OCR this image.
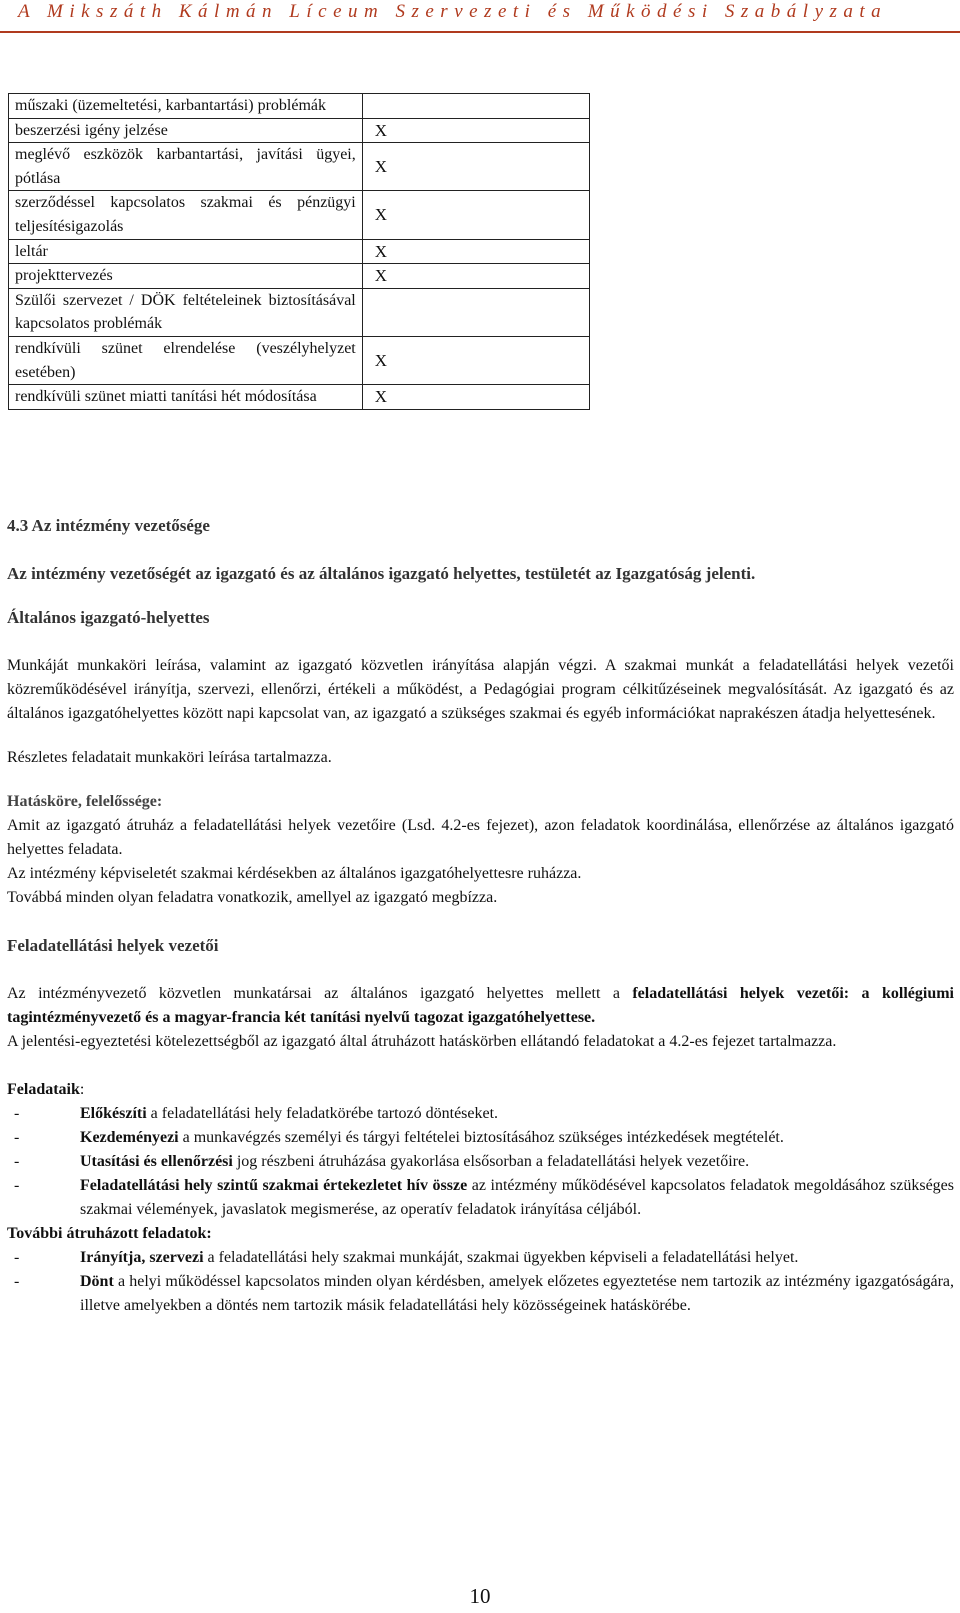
A Mikszáth Kálmán Líceum Szervezeti és Működési Szabályzata
műszaki (üzemeltetési, karbantartási) problémák	
beszerzési igény jelzése	X
meglévő eszközök karbantartási, javítási ügyei, pótlása	X
szerződéssel kapcsolatos szakmai és pénzügyi teljesítésigazolás	X
leltár	X
projekttervezés	X
Szülői szervezet / DÖK feltételeinek biztosításával kapcsolatos problémák	
rendkívüli szünet elrendelése (veszélyhelyzet esetében)	X
rendkívüli szünet miatti tanítási hét módosítása	X

4.3 Az intézmény vezetősége

Az intézmény vezetőségét az igazgató és az általános igazgató helyettes, testületét az Igazgatóság jelenti.

Általános igazgató-helyettes

Munkáját munkaköri leírása, valamint az igazgató közvetlen irányítása alapján végzi. A szakmai munkát a feladatellátási helyek vezetői közreműködésével irányítja, szervezi, ellenőrzi, értékeli a működést, a Pedagógiai program célkitűzéseinek megvalósítását. Az igazgató és az általános igazgatóhelyettes között napi kapcsolat van, az igazgató a szükséges szakmai és egyéb információkat naprakészen átadja helyettesének.

Részletes feladatait munkaköri leírása tartalmazza.

Hatásköre, felelőssége:

Amit az igazgató átruház a feladatellátási helyek vezetőire (Lsd. 4.2-es fejezet), azon feladatok koordinálása, ellenőrzése az általános igazgató helyettes feladata.

Az intézmény képviseletét szakmai kérdésekben az általános igazgatóhelyettesre ruházza.

Továbbá minden olyan feladatra vonatkozik, amellyel az igazgató megbízza.

Feladatellátási helyek vezetői

Az intézményvezető közvetlen munkatársai az általános igazgató helyettes mellett a feladatellátási helyek vezetői: a kollégiumi tagintézményvezető és a magyar-francia két tanítási nyelvű tagozat igazgatóhelyettese.

A jelentési-egyeztetési kötelezettségből az igazgató által átruházott hatáskörben ellátandó feladatokat a 4.2-es fejezet tartalmazza.

Feladataik:

-	Előkészíti a feladatellátási hely feladatkörébe tartozó döntéseket.
-	Kezdeményezi a munkavégzés személyi és tárgyi feltételei biztosításához szükséges intézkedések megtételét.
-	Utasítási és ellenőrzési jog részbeni átruházása gyakorlása elsősorban a feladatellátási helyek vezetőire.
-	Feladatellátási hely szintű szakmai értekezletet hív össze az intézmény működésével kapcsolatos feladatok megoldásához szükséges szakmai vélemények, javaslatok megismerése, az operatív feladatok irányítása céljából.

További átruházott feladatok:

-	Irányítja, szervezi a feladatellátási hely szakmai munkáját, szakmai ügyekben képviseli a feladatellátási helyet.
-	Dönt a helyi működéssel kapcsolatos minden olyan kérdésben, amelyek előzetes egyeztetése nem tartozik az intézmény igazgatóságára, illetve amelyekben a döntés nem tartozik másik feladatellátási hely közösségeinek hatáskörébe.
10
